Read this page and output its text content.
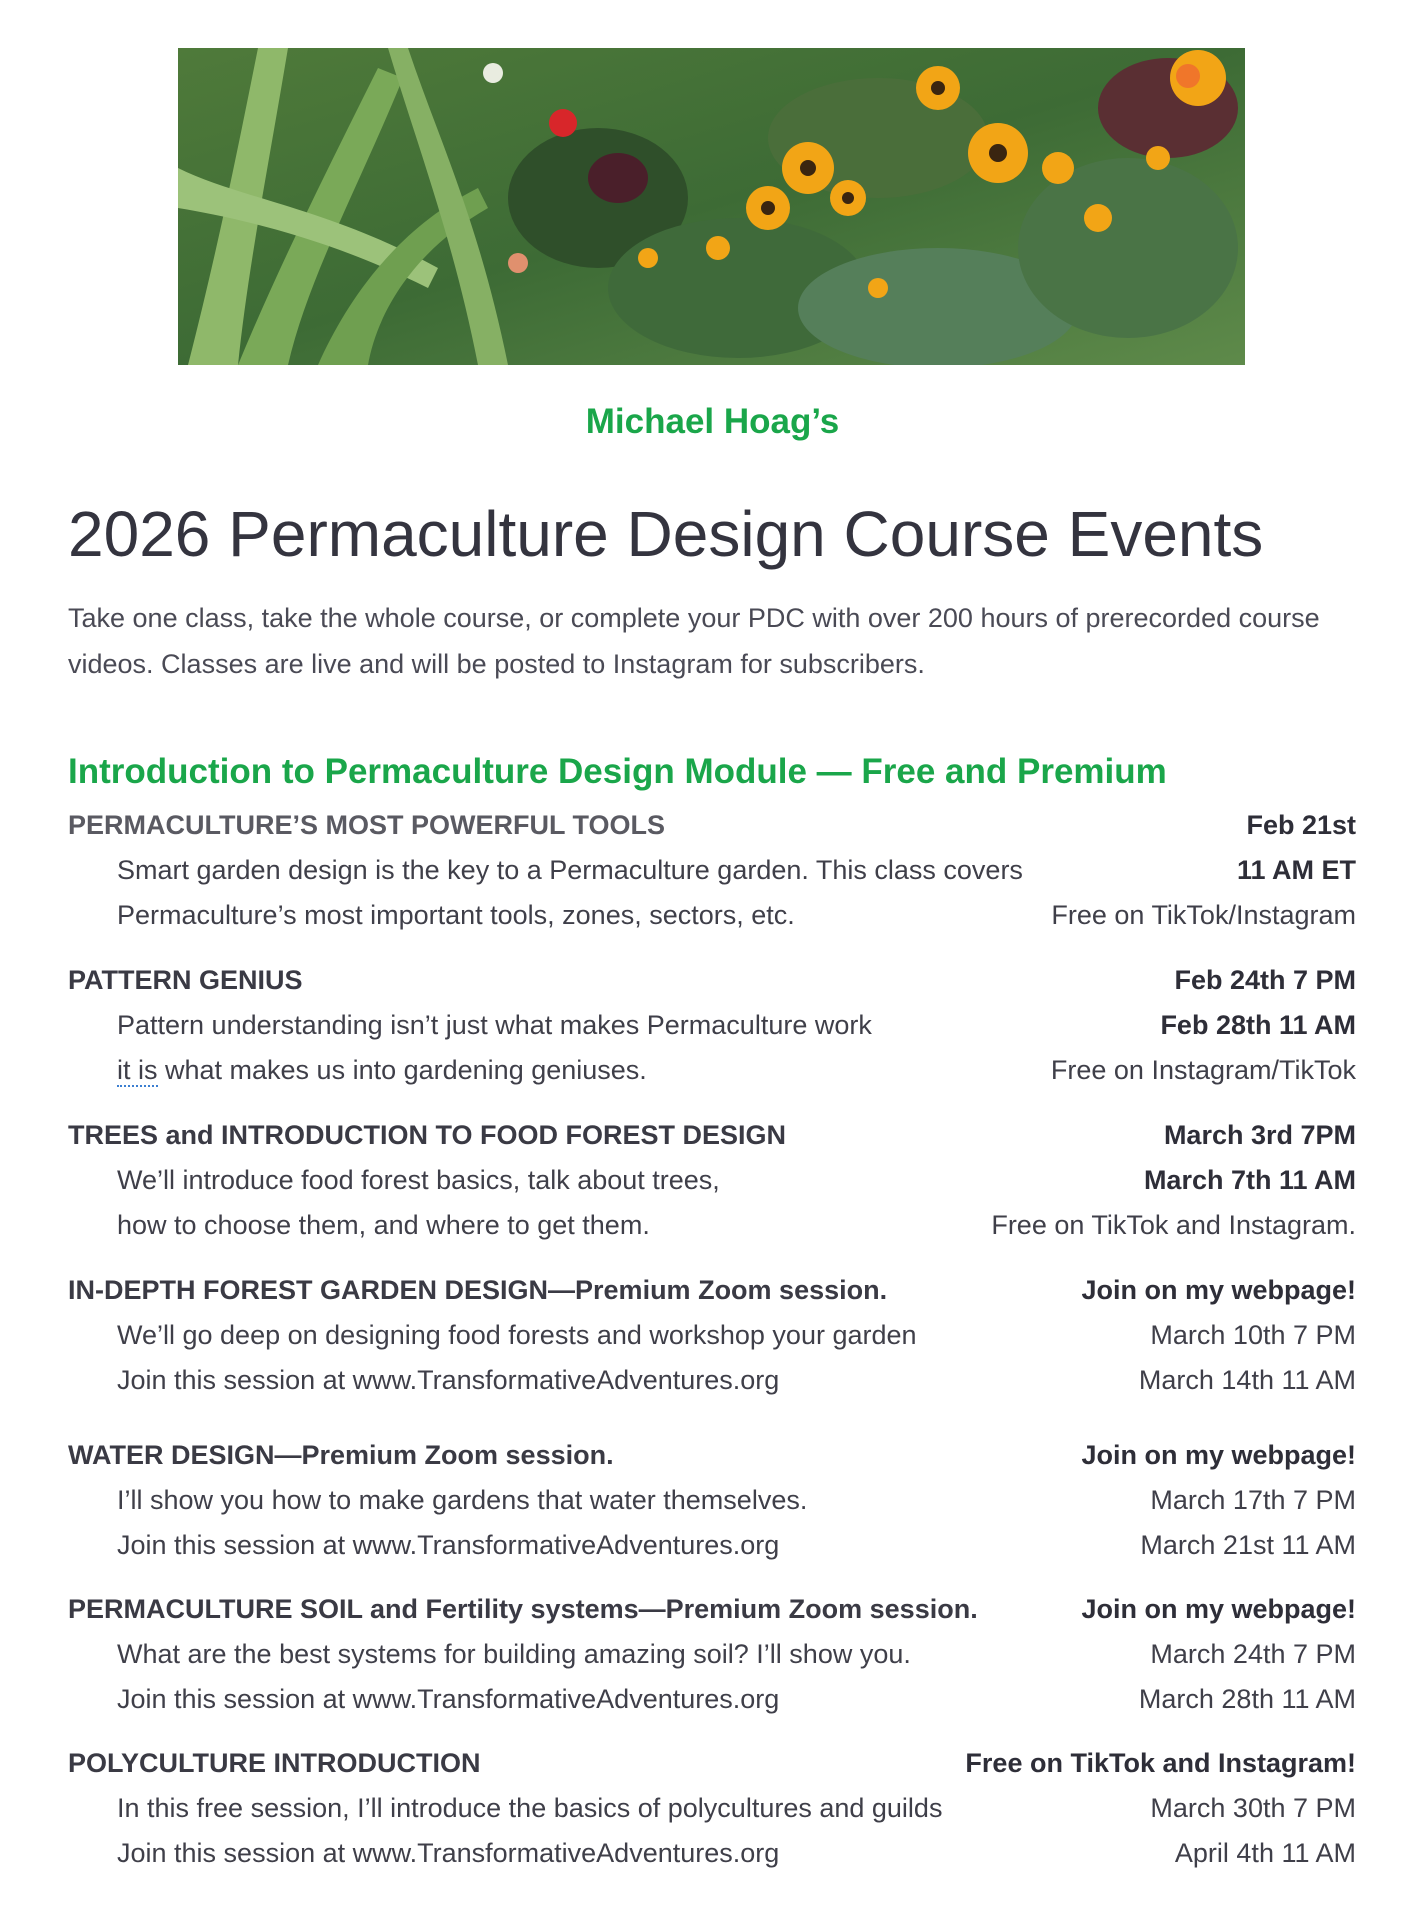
Michael Hoag’s
2026 Permaculture Design Course Events
Take one class, take the whole course, or complete your PDC with over 200 hours of prerecorded course videos. Classes are live and will be posted to Instagram for subscribers.
Introduction to Permaculture Design Module — Free and Premium
PERMACULTURE’S MOST POWERFUL TOOLS	Feb 21st
Smart garden design is the key to a Permaculture garden. This class covers	11 AM ET
Permaculture’s most important tools, zones, sectors, etc.	Free on TikTok/Instagram
PATTERN GENIUS	Feb 24th 7 PM
Pattern understanding isn’t just what makes Permaculture work	Feb 28th 11 AM
it is what makes us into gardening geniuses.	Free on Instagram/TikTok
TREES and INTRODUCTION TO FOOD FOREST DESIGN	March 3rd 7PM
We’ll introduce food forest basics, talk about trees,	March 7th 11 AM
how to choose them, and where to get them.	Free on TikTok and Instagram.
IN-DEPTH FOREST GARDEN DESIGN—Premium Zoom session.	Join on my webpage!
We’ll go deep on designing food forests and workshop your garden	March 10th 7 PM
Join this session at www.TransformativeAdventures.org	March 14th 11 AM
WATER DESIGN—Premium Zoom session.	Join on my webpage!
I’ll show you how to make gardens that water themselves.	March 17th 7 PM
Join this session at www.TransformativeAdventures.org	March 21st 11 AM
PERMACULTURE SOIL and Fertility systems—Premium Zoom session.	Join on my webpage!
What are the best systems for building amazing soil? I’ll show you.	March 24th 7 PM
Join this session at www.TransformativeAdventures.org	March 28th 11 AM
POLYCULTURE INTRODUCTION	Free on TikTok and Instagram!
In this free session, I’ll introduce the basics of polycultures and guilds	March 30th 7 PM
Join this session at www.TransformativeAdventures.org	April 4th 11 AM
